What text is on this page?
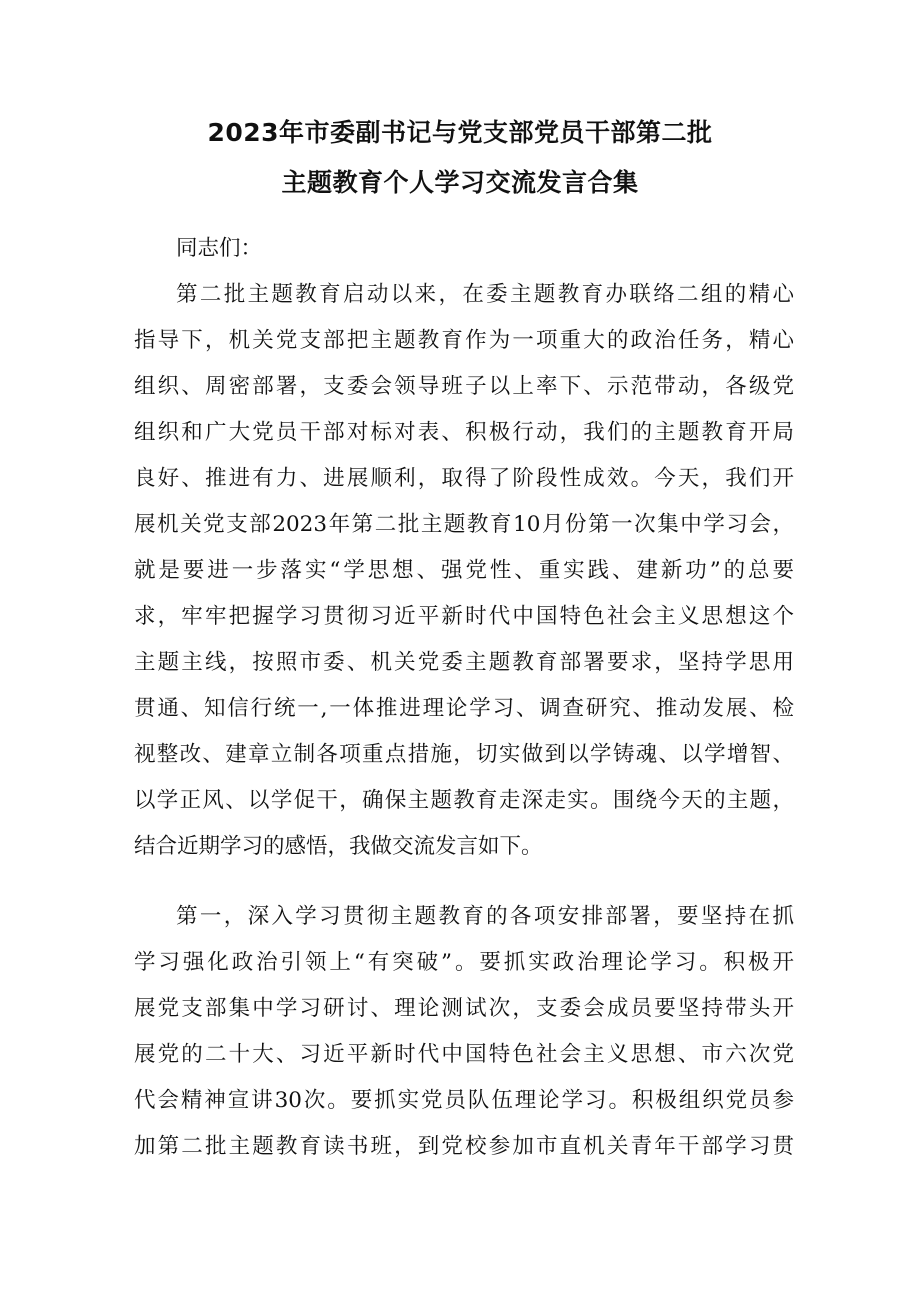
2023年市委副书记与党支部党员干部第二批
主题教育个人学习交流发言合集
同志们：
第二批主题教育启动以来，在委主题教育办联络二组的精心
指导下，机关党支部把主题教育作为一项重大的政治任务，精心
组织、周密部署，支委会领导班子以上率下、示范带动，各级党
组织和广大党员干部对标对表、积极行动，我们的主题教育开局
良好、推进有力、进展顺利，取得了阶段性成效。今天，我们开
展机关党支部2023年第二批主题教育10月份第一次集中学习会，
就是要进一步落实“学思想、强党性、重实践、建新功”的总要
求，牢牢把握学习贯彻习近平新时代中国特色社会主义思想这个
主题主线，按照市委、机关党委主题教育部署要求，坚持学思用
贯通、知信行统一,一体推进理论学习、调查研究、推动发展、检
视整改、建章立制各项重点措施，切实做到以学铸魂、以学增智、
以学正风、以学促干，确保主题教育走深走实。围绕今天的主题，
结合近期学习的感悟，我做交流发言如下。
第一，深入学习贯彻主题教育的各项安排部署，要坚持在抓
学习强化政治引领上“有突破”。要抓实政治理论学习。积极开
展党支部集中学习研讨、理论测试次，支委会成员要坚持带头开
展党的二十大、习近平新时代中国特色社会主义思想、市六次党
代会精神宣讲30次。要抓实党员队伍理论学习。积极组织党员参
加第二批主题教育读书班，到党校参加市直机关青年干部学习贯
